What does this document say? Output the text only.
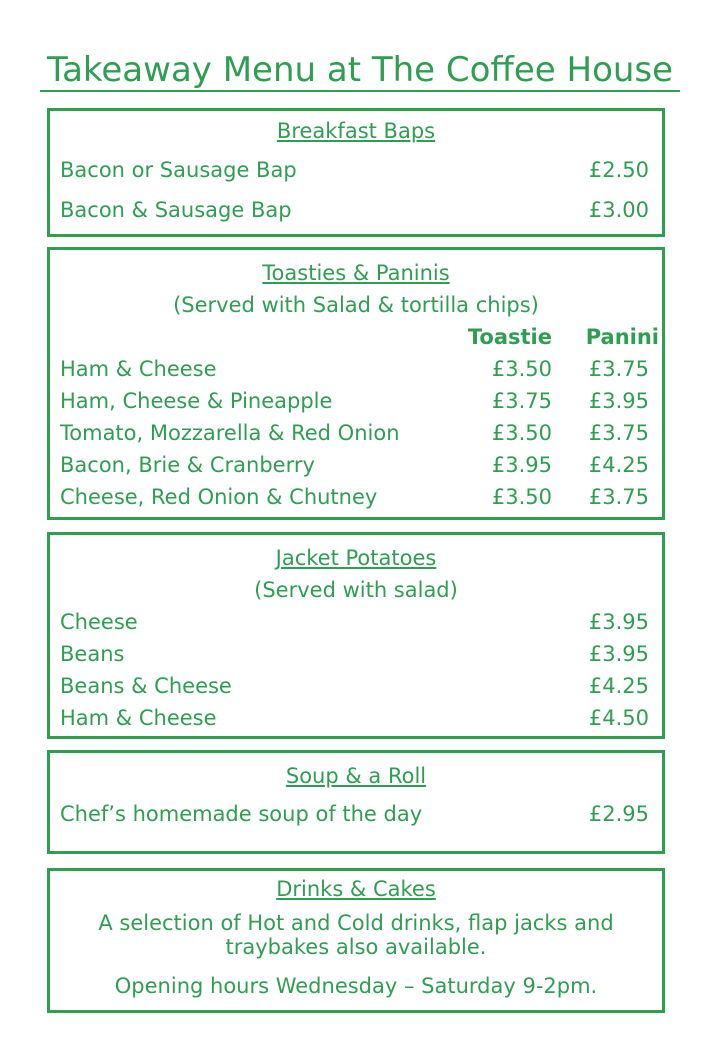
Takeaway Menu at The Coffee House
Breakfast Baps
Bacon or Sausage Bap	£2.50
Bacon & Sausage Bap	£3.00
Toasties & Paninis
(Served with Salad & tortilla chips)
Toastie	Panini
Ham & Cheese	£3.50	£3.75
Ham, Cheese & Pineapple	£3.75	£3.95
Tomato, Mozzarella & Red Onion	£3.50	£3.75
Bacon, Brie & Cranberry	£3.95	£4.25
Cheese, Red Onion & Chutney	£3.50	£3.75
Jacket Potatoes
(Served with salad)
Cheese	£3.95
Beans	£3.95
Beans & Cheese	£4.25
Ham & Cheese	£4.50
Soup & a Roll
Chef’s homemade soup of the day	£2.95
Drinks & Cakes
A selection of Hot and Cold drinks, flap jacks and traybakes also available.
Opening hours Wednesday – Saturday 9-2pm.
